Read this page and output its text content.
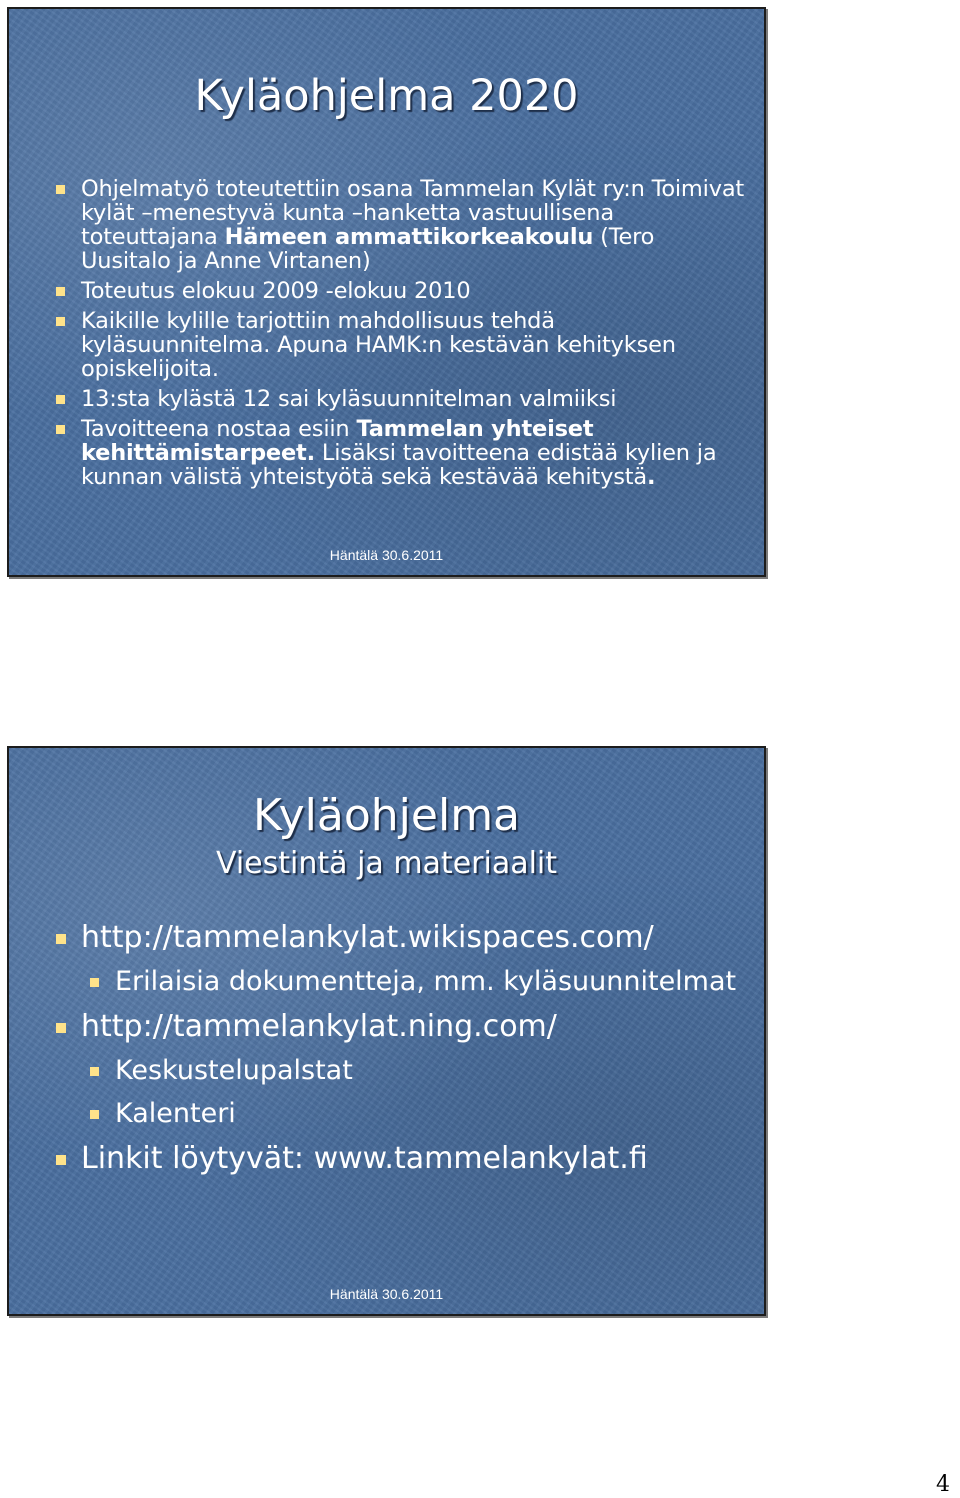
Kyläohjelma 2020
Ohjelmatyö toteutettiin osana Tammelan Kylät ry:n Toimivat kylät –menestyvä kunta –hanketta vastuullisena toteuttajana Hämeen ammattikorkeakoulu (Tero Uusitalo ja Anne Virtanen)
Toteutus elokuu 2009 -elokuu 2010
Kaikille kylille tarjottiin mahdollisuus tehdä kyläsuunnitelma. Apuna HAMK:n kestävän kehityksen opiskelijoita.
13:sta kylästä 12 sai kyläsuunnitelman valmiiksi
Tavoitteena nostaa esiin Tammelan yhteiset kehittämistarpeet. Lisäksi tavoitteena edistää kylien ja kunnan välistä yhteistyötä sekä kestävää kehitystä.
Häntälä 30.6.2011
Kyläohjelma
Viestintä ja materiaalit
http://tammelankylat.wikispaces.com/
Erilaisia dokumentteja, mm. kyläsuunnitelmat
http://tammelankylat.ning.com/
Keskustelupalstat
Kalenteri
Linkit löytyvät: www.tammelankylat.fi
Häntälä 30.6.2011
4
